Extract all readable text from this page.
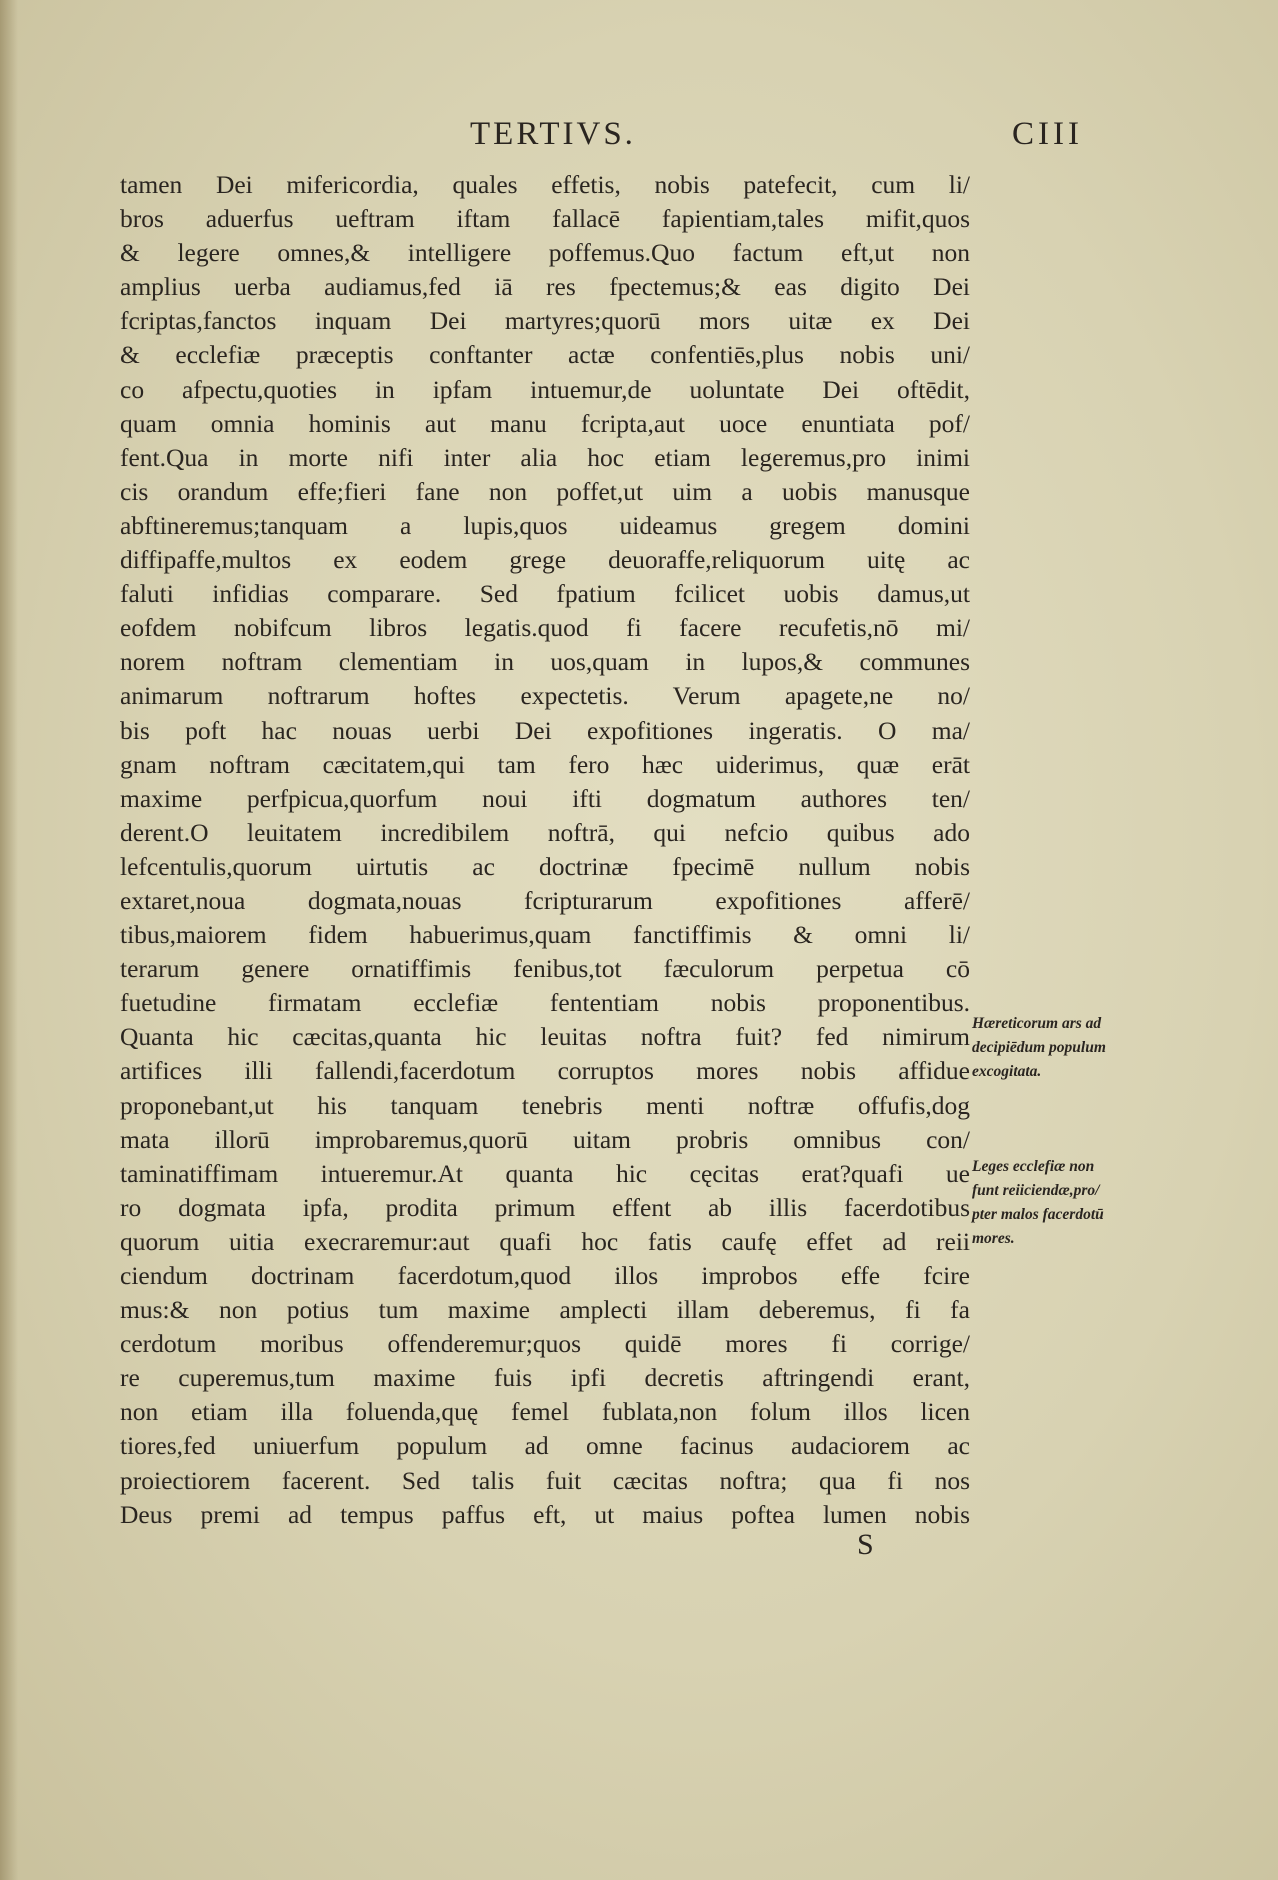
TERTIVS.	CIII
tamen Dei mifericordia, quales effetis, nobis patefecit, cum li/
bros aduerfus ueftram iftam fallacē fapientiam,tales mifit,quos
& legere omnes,& intelligere poffemus.Quo factum eft,ut non
amplius uerba audiamus,fed iā res fpectemus;& eas digito Dei
fcriptas,fanctos inquam Dei martyres;quorū mors uitæ ex Dei
& ecclefiæ præceptis conftanter actæ confentiēs,plus nobis uni/
co afpectu,quoties in ipfam intuemur,de uoluntate Dei oftēdit,
quam omnia hominis aut manu fcripta,aut uoce enuntiata pof/
fent.Qua in morte nifi inter alia hoc etiam legeremus,pro inimi
cis orandum effe;fieri fane non poffet,ut uim a uobis manusque
abftineremus;tanquam a lupis,quos uideamus gregem domini
diffipaffe,multos ex eodem grege deuoraffe,reliquorum uitę ac
faluti infidias comparare. Sed fpatium fcilicet uobis damus,ut
eofdem nobifcum libros legatis.quod fi facere recufetis,nō mi/
norem noftram clementiam in uos,quam in lupos,& communes
animarum noftrarum hoftes expectetis. Verum apagete,ne no/
bis poft hac nouas uerbi Dei expofitiones ingeratis. O ma/
gnam noftram cæcitatem,qui tam fero hæc uiderimus, quæ erāt
maxime perfpicua,quorfum noui ifti dogmatum authores ten/
derent.O leuitatem incredibilem noftrā, qui nefcio quibus ado
lefcentulis,quorum uirtutis ac doctrinæ fpecimē nullum nobis
extaret,noua dogmata,nouas fcripturarum expofitiones afferē/
tibus,maiorem fidem habuerimus,quam fanctiffimis & omni li/
terarum genere ornatiffimis fenibus,tot fæculorum perpetua cō
fuetudine firmatam ecclefiæ fententiam nobis proponentibus.
Quanta hic cæcitas,quanta hic leuitas noftra fuit? fed nimirum
artifices illi fallendi,facerdotum corruptos mores nobis affidue
proponebant,ut his tanquam tenebris menti noftræ offufis,dog
mata illorū improbaremus,quorū uitam probris omnibus con/
taminatiffimam intueremur.At quanta hic cęcitas erat?quafi ue
ro dogmata ipfa, prodita primum effent ab illis facerdotibus
quorum uitia execraremur:aut quafi hoc fatis caufę effet ad reii
ciendum doctrinam facerdotum,quod illos improbos effe fcire
mus:& non potius tum maxime amplecti illam deberemus, fi fa
cerdotum moribus offenderemur;quos quidē mores fi corrige/
re cuperemus,tum maxime fuis ipfi decretis aftringendi erant,
non etiam illa foluenda,quę femel fublata,non folum illos licen
tiores,fed uniuerfum populum ad omne facinus audaciorem ac
proiectiorem facerent. Sed talis fuit cæcitas noftra; qua fi nos
Deus premi ad tempus paffus eft, ut maius poftea lumen nobis
S
Hæreticorum ars ad
decipiēdum populum
excogitata.
Leges ecclefiæ non
funt reiiciendæ,pro/
pter malos facerdotū
mores.
